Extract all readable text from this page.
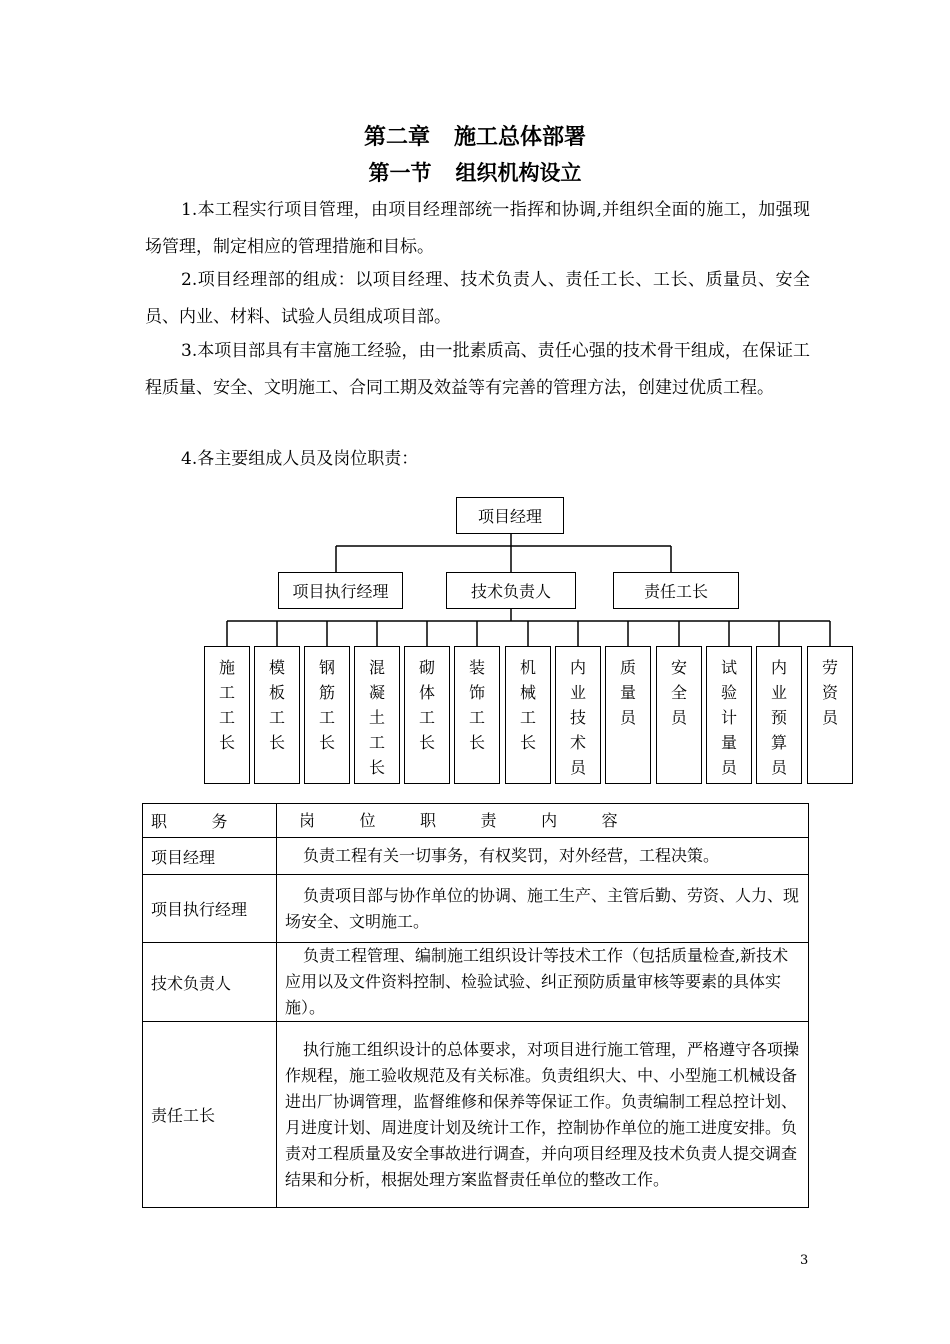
第二章 施工总体部署
第一节 组织机构设立

1.本工程实行项目管理，由项目经理部统一指挥和协调,并组织全面的施工，加强现场管理，制定相应的管理措施和目标。

2.项目经理部的组成：以项目经理、技术负责人、责任工长、工长、质量员、安全员、内业、材料、试验人员组成项目部。

3.本项目部具有丰富施工经验，由一批素质高、责任心强的技术骨干组成，在保证工程质量、安全、文明施工、合同工期及效益等有完善的管理方法，创建过优质工程。

4.各主要组成人员及岗位职责：

项目经理
项目执行经理	技术负责人	责任工长
施工工长
模板工长
钢筋工长
混凝土工长
砌体工长
装饰工长
机械工长
内业技术员
质量员
安全员
试验计量员
内业预算员
劳资员
职      务	岗      位      职      责      内      容
项目经理	负责工程有关一切事务，有权奖罚，对外经营，工程决策。
项目执行经理	负责项目部与协作单位的协调、施工生产、主管后勤、劳资、人力、现场安全、文明施工。
技术负责人	负责工程管理、编制施工组织设计等技术工作（包括质量检查,新技术应用以及文件资料控制、检验试验、纠正预防质量审核等要素的具体实施）。
责任工长	执行施工组织设计的总体要求，对项目进行施工管理，严格遵守各项操作规程，施工验收规范及有关标准。负责组织大、中、小型施工机械设备进出厂协调管理，监督维修和保养等保证工作。负责编制工程总控计划、月进度计划、周进度计划及统计工作，控制协作单位的施工进度安排。负责对工程质量及安全事故进行调查，并向项目经理及技术负责人提交调查结果和分析，根据处理方案监督责任单位的整改工作。
3
